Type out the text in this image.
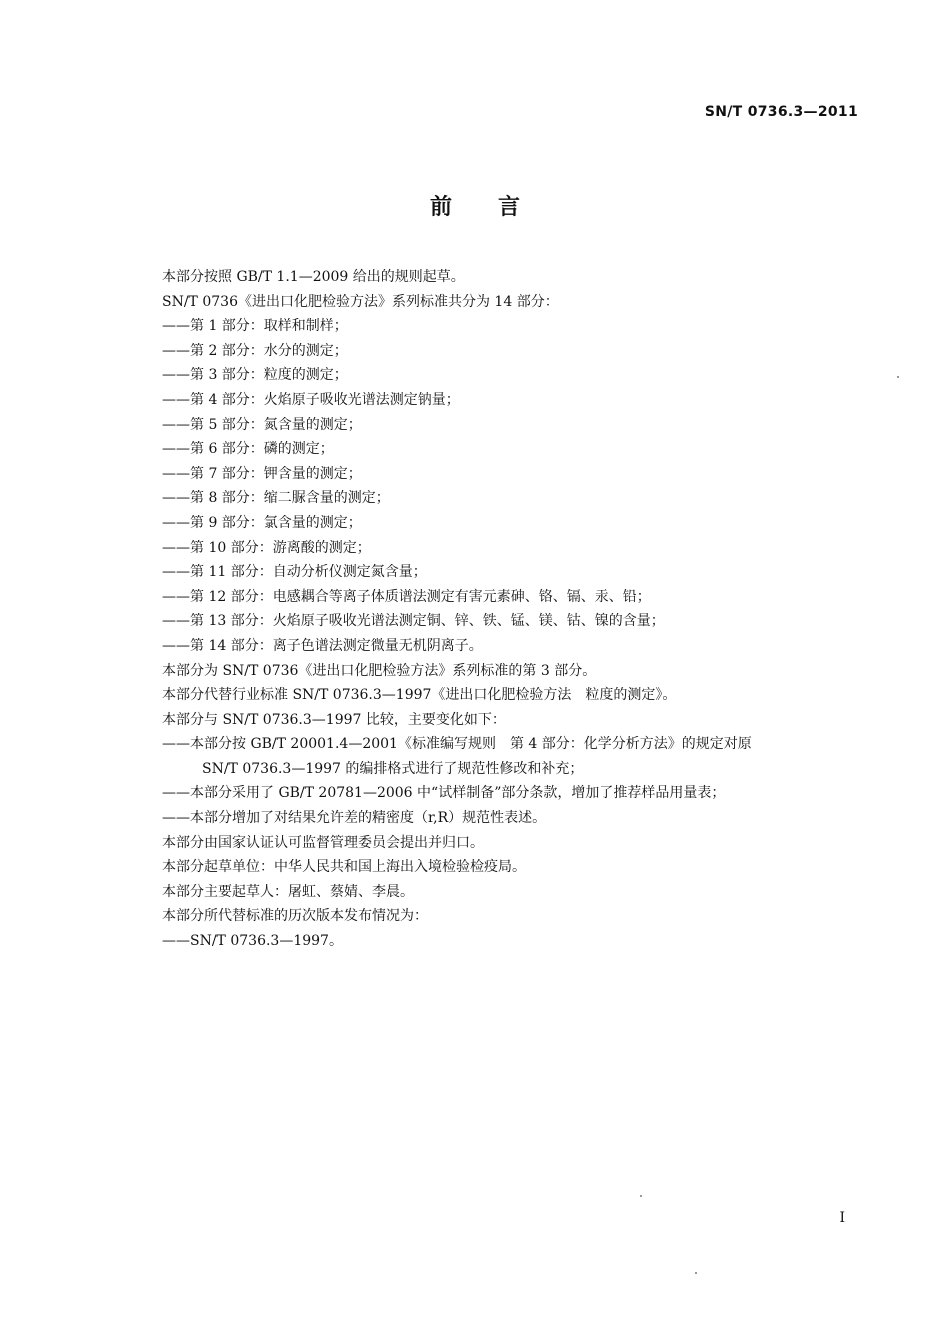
SN/T 0736.3—2011
前言
本部分按照 GB/T 1.1—2009 给出的规则起草。
SN/T 0736《进出口化肥检验方法》系列标准共分为 14 部分：
——第 1 部分：取样和制样；
——第 2 部分：水分的测定；
——第 3 部分：粒度的测定；
——第 4 部分：火焰原子吸收光谱法测定钠量；
——第 5 部分：氮含量的测定；
——第 6 部分：磷的测定；
——第 7 部分：钾含量的测定；
——第 8 部分：缩二脲含量的测定；
——第 9 部分：氯含量的测定；
——第 10 部分：游离酸的测定；
——第 11 部分：自动分析仪测定氮含量；
——第 12 部分：电感耦合等离子体质谱法测定有害元素砷、铬、镉、汞、铅；
——第 13 部分：火焰原子吸收光谱法测定铜、锌、铁、锰、镁、钴、镍的含量；
——第 14 部分：离子色谱法测定微量无机阴离子。
本部分为 SN/T 0736《进出口化肥检验方法》系列标准的第 3 部分。
本部分代替行业标准 SN/T 0736.3—1997《进出口化肥检验方法　粒度的测定》。
本部分与 SN/T 0736.3—1997 比较，主要变化如下：
——本部分按 GB/T 20001.4—2001《标准编写规则　第 4 部分：化学分析方法》的规定对原
SN/T 0736.3—1997 的编排格式进行了规范性修改和补充；
——本部分采用了 GB/T 20781—2006 中“试样制备”部分条款，增加了推荐样品用量表；
——本部分增加了对结果允许差的精密度（r,R）规范性表述。
本部分由国家认证认可监督管理委员会提出并归口。
本部分起草单位：中华人民共和国上海出入境检验检疫局。
本部分主要起草人：屠虹、蔡婧、李晨。
本部分所代替标准的历次版本发布情况为：
——SN/T 0736.3—1997。
I
